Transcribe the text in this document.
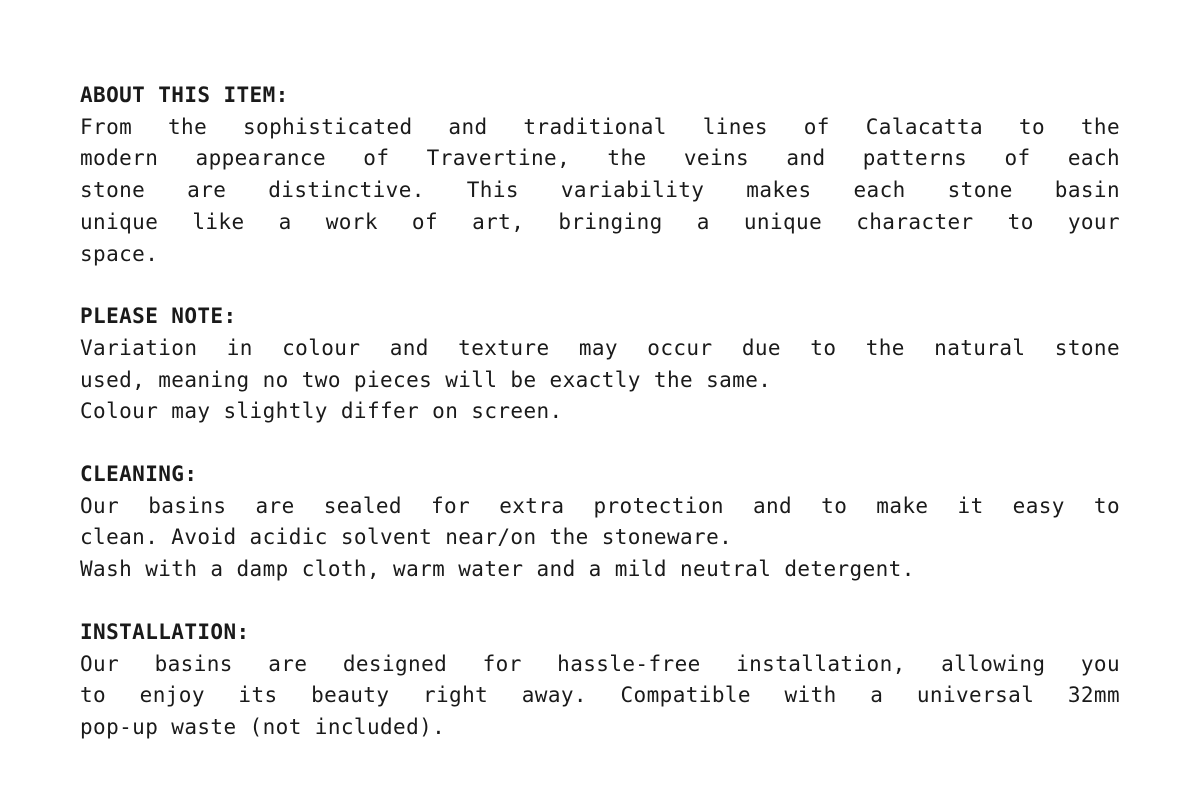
ABOUT THIS ITEM:
From the sophisticated and traditional lines of Calacatta to the
modern appearance of Travertine, the veins and patterns of each
stone are distinctive. This variability makes each stone basin
unique like a work of art, bringing a unique character to your
space.
PLEASE NOTE:
Variation in colour and texture may occur due to the natural stone
used, meaning no two pieces will be exactly the same.
Colour may slightly differ on screen.
CLEANING:
Our basins are sealed for extra protection and to make it easy to
clean. Avoid acidic solvent near/on the stoneware.
Wash with a damp cloth, warm water and a mild neutral detergent.
INSTALLATION:
Our basins are designed for hassle-free installation, allowing you
to enjoy its beauty right away. Compatible with a universal 32mm
pop-up waste (not included).
